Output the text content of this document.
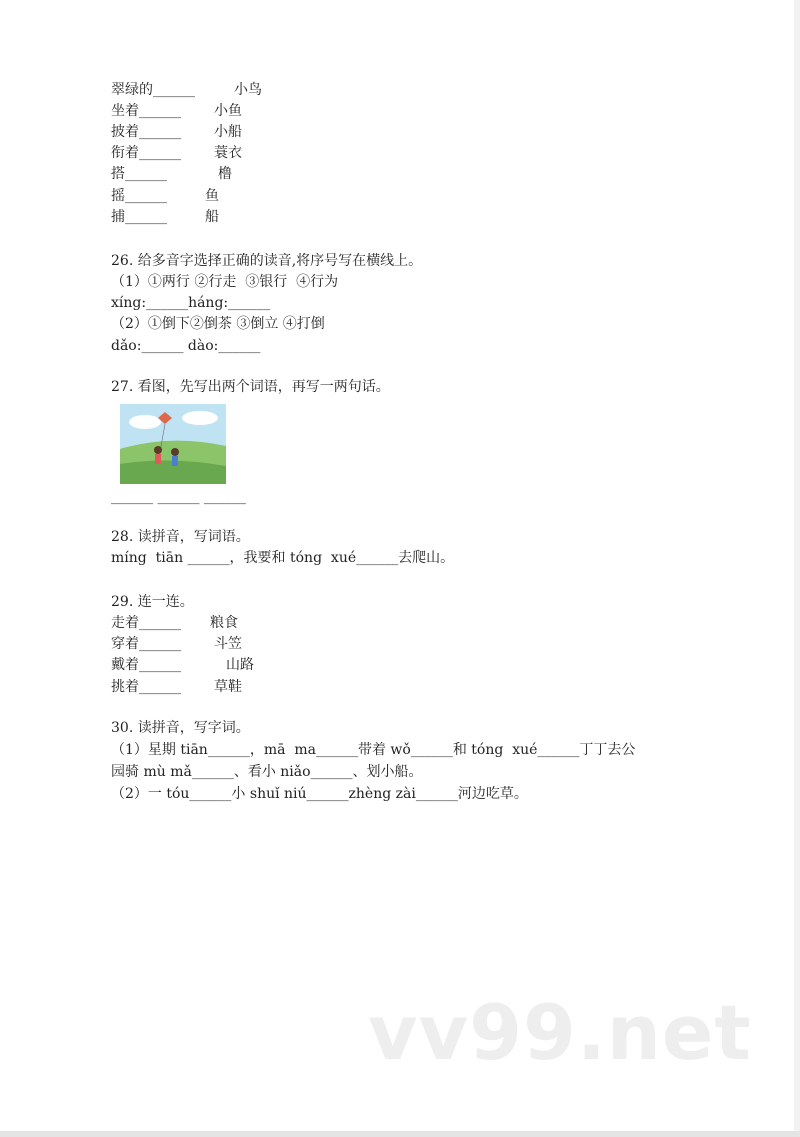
翠绿的______	小鸟
坐着______ 小鱼
披着______ 小船
衔着______ 蓑衣
搭______	橹
摇______	鱼
捕______	船
26. 给多音字选择正确的读音,将序号写在横线上。
（1）①两行 ②行走  ③银行  ④行为
xíng:______háng:______
（2）①倒下②倒茶 ③倒立 ④打倒
dǎo:______ dào:______
27. 看图，先写出两个词语，再写一两句话。
______ ______ ______
28. 读拼音，写词语。
míng  tiān ______，我要和 tóng  xué______去爬山。
29. 连一连。
走着______ 粮食
穿着______ 斗笠
戴着______	山路
挑着______ 草鞋
30. 读拼音，写字词。
（1）星期 tiān______，mā  ma______带着 wǒ______和 tóng  xué______丁丁去公
园骑 mù mǎ______、看小 niǎo______、划小船。
（2）一 tóu______小 shuǐ niú______zhèng zài______河边吃草。
vv99.net
